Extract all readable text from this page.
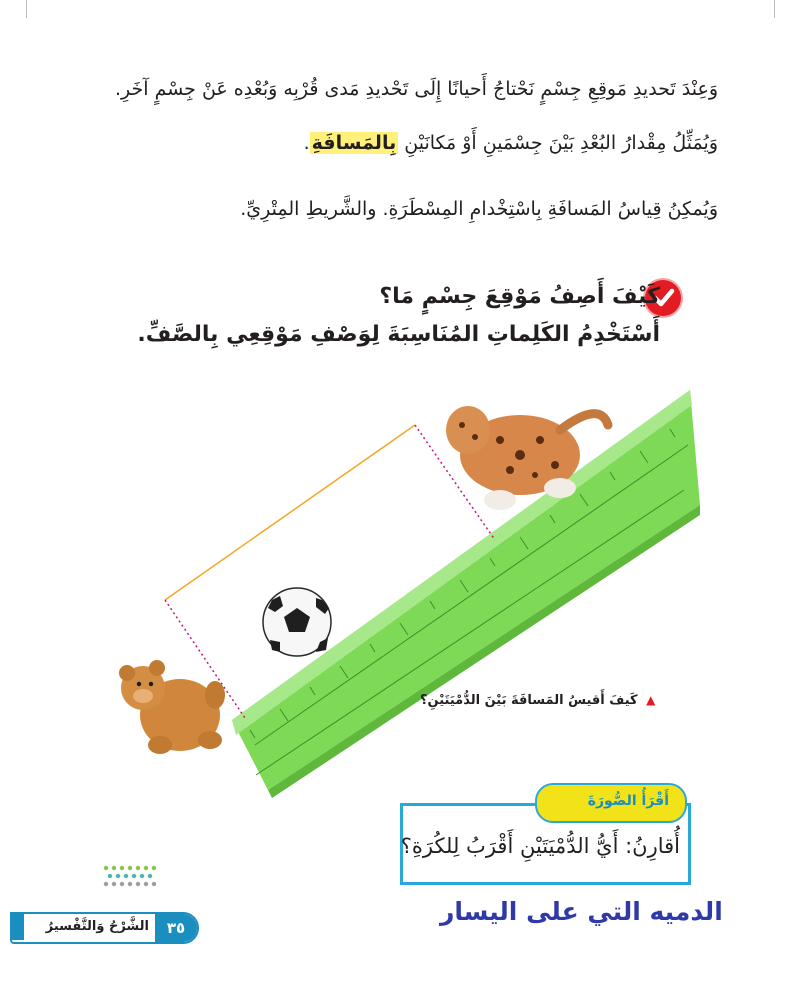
وَعِنْدَ تَحديدِ مَوقِعِ جِسْمٍ نَحْتاجُ أَحيانًا إِلَى تَحْديدِ مَدى قُرْبِه وَبُعْدِه عَنْ جِسْمٍ آخَرِ.
وَيُمَثِّلُ مِقْدارُ البُعْدِ بَيْنَ جِسْمَينِ أَوْ مَكانَيْنِ بِالمَسافَةِ.
وَيُمكِنُ قِياسُ المَسافَةِ بِاسْتِخْدامِ المِسْطَرَةِ. والشَّريطِ المِتْرِيِّ.
كَيْفَ أَصِفُ مَوْقِعَ جِسْمٍ مَا؟
أَسْتَخْدِمُ الكَلِماتِ المُنَاسِبَةَ لِوَصْفِ مَوْقِعِي بِالصَّفِّ.
▲ كَيفَ أَقيسُ المَسافَةَ بَيْنَ الدُّمْيَتَيْنِ؟
أُقارِنُ: أَيُّ الدُّمْيَتَيْنِ أَقْرَبُ لِلكُرَةِ؟
أَقْرَأُ الصُّورَةَ
الدميه التي على اليسار
الشَّرْحُ وَالتَّفْسيرُ	٣٥
